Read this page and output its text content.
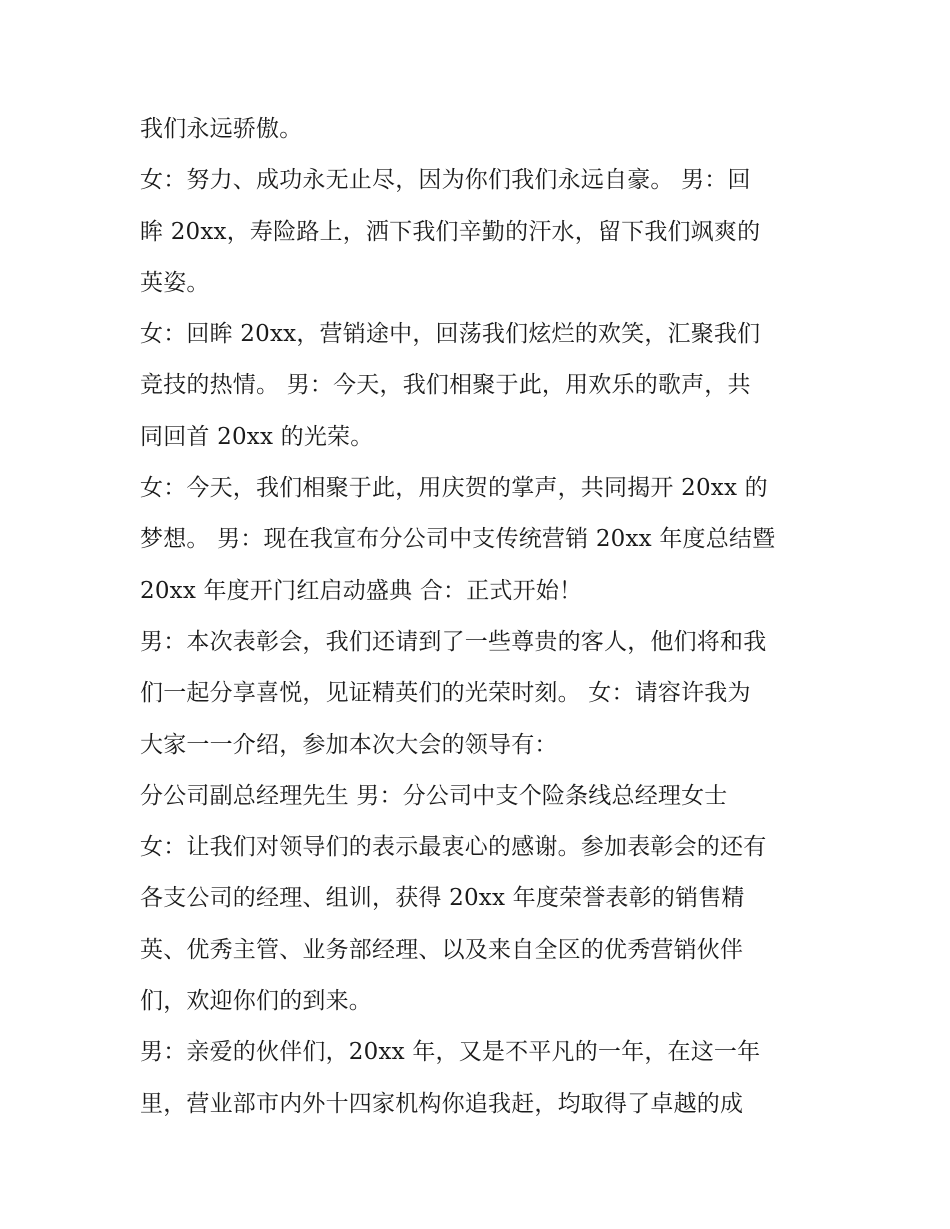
我们永远骄傲。
女：努力、成功永无止尽，因为你们我们永远自豪。 男：回
眸 20xx，寿险路上，洒下我们辛勤的汗水，留下我们飒爽的
英姿。
女：回眸 20xx，营销途中，回荡我们炫烂的欢笑，汇聚我们
竞技的热情。 男：今天，我们相聚于此，用欢乐的歌声，共
同回首 20xx 的光荣。
女：今天，我们相聚于此，用庆贺的掌声，共同揭开 20xx 的
梦想。 男：现在我宣布分公司中支传统营销 20xx 年度总结暨
20xx 年度开门红启动盛典 合：正式开始！
男：本次表彰会，我们还请到了一些尊贵的客人，他们将和我
们一起分享喜悦，见证精英们的光荣时刻。 女：请容许我为
大家一一介绍，参加本次大会的领导有：
分公司副总经理先生 男：分公司中支个险条线总经理女士
女：让我们对领导们的表示最衷心的感谢。参加表彰会的还有
各支公司的经理、组训，获得 20xx 年度荣誉表彰的销售精
英、优秀主管、业务部经理、以及来自全区的优秀营销伙伴
们，欢迎你们的到来。
男：亲爱的伙伴们，20xx 年，又是不平凡的一年，在这一年
里，营业部市内外十四家机构你追我赶，均取得了卓越的成
